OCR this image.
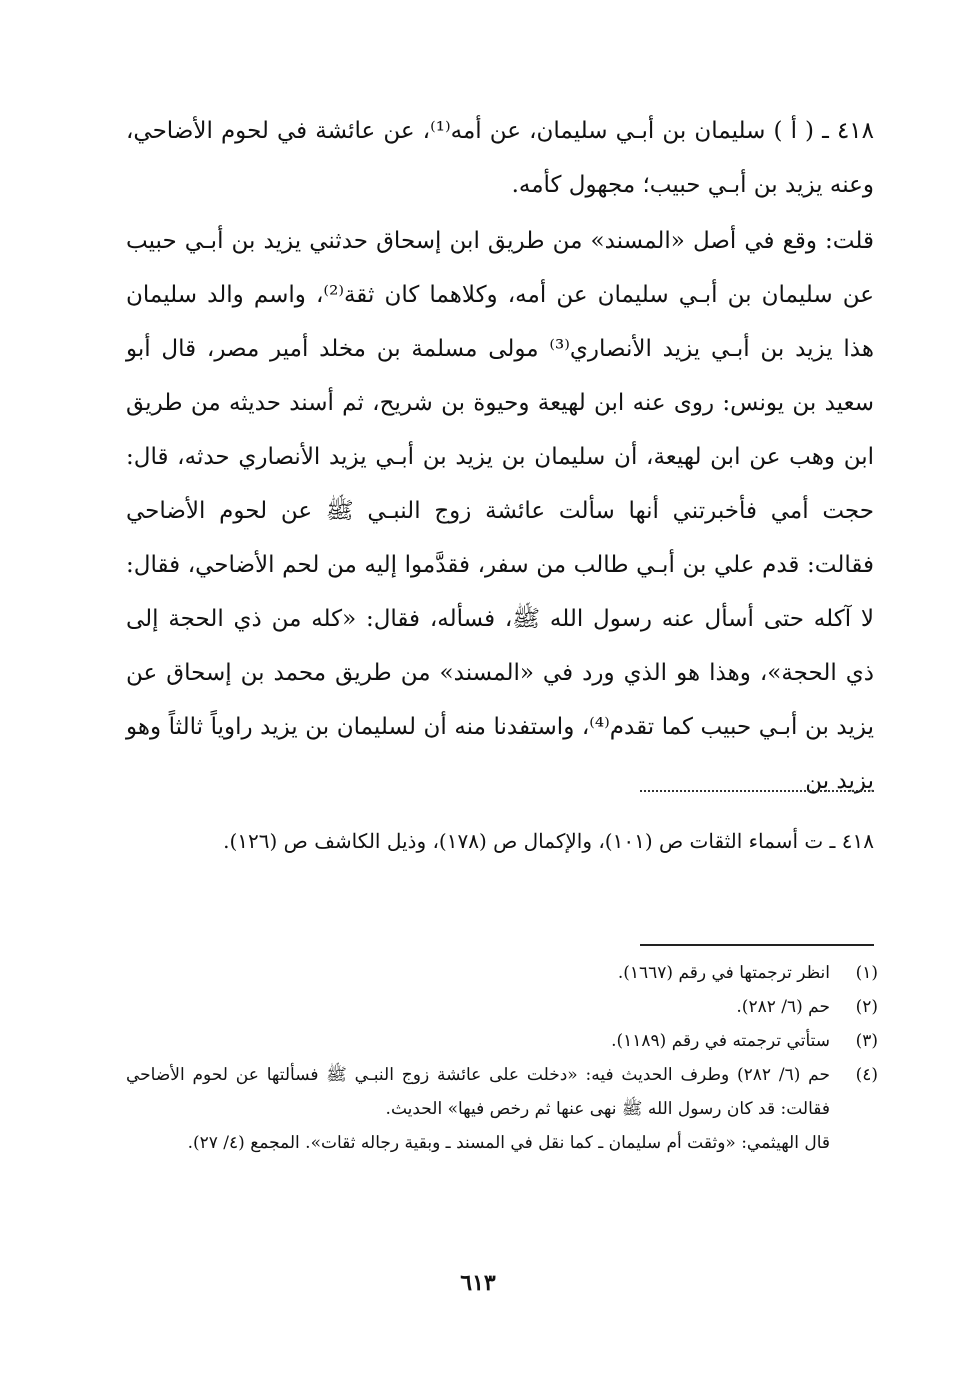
٤١٨ ـ ( أ ) سليمان بن أبـي سليمان، عن أمه⁽¹⁾، عن عائشة في لحوم الأضاحي، وعنه يزيد بن أبـي حبيب؛ مجهول كأمه.

قلت: وقع في أصل «المسند» من طريق ابن إسحاق حدثني يزيد بن أبـي حبيب عن سليمان بن أبـي سليمان عن أمه، وكلاهما كان ثقة⁽²⁾، واسم والد سليمان هذا يزيد بن أبـي يزيد الأنصاري⁽³⁾ مولى مسلمة بن مخلد أمير مصر، قال أبو سعيد بن يونس: روى عنه ابن لهيعة وحيوة بن شريح، ثم أسند حديثه من طريق ابن وهب عن ابن لهيعة، أن سليمان بن يزيد بن أبـي يزيد الأنصاري حدثه، قال: حجت أمي فأخبرتني أنها سألت عائشة زوج النبـي ﷺ عن لحوم الأضاحي فقالت: قدم علي بن أبـي طالب من سفر، فقدَّموا إليه من لحم الأضاحي، فقال: لا آكله حتى أسأل عنه رسول الله ﷺ، فسأله، فقال: «كله من ذي الحجة إلى ذي الحجة»، وهذا هو الذي ورد في «المسند» من طريق محمد بن إسحاق عن يزيد بن أبـي حبيب كما تقدم⁽⁴⁾، واستفدنا منه أن لسليمان بن يزيد راوياً ثالثاً وهو يزيد بن

٤١٨ ـ ت أسماء الثقات ص (١٠١)، والإكمال ص (١٧٨)، وذيل الكاشف ص (١٢٦).
(١)
انظر ترجمتها في رقم (١٦٦٧).
(٢)
حم (٦/ ٢٨٢).
(٣)
ستأتي ترجمته في رقم (١١٨٩).
(٤)
حم (٦/ ٢٨٢) وطرف الحديث فيه: «دخلت على عائشة زوج النبـي ﷺ فسألتها عن لحوم الأضاحي فقالت: قد كان رسول الله ﷺ نهى عنها ثم رخص فيها» الحديث.
قال الهيثمي: «وثقت أم سليمان ـ كما نقل في المسند ـ وبقية رجاله ثقات». المجمع (٤/ ٢٧).
٦١٣
